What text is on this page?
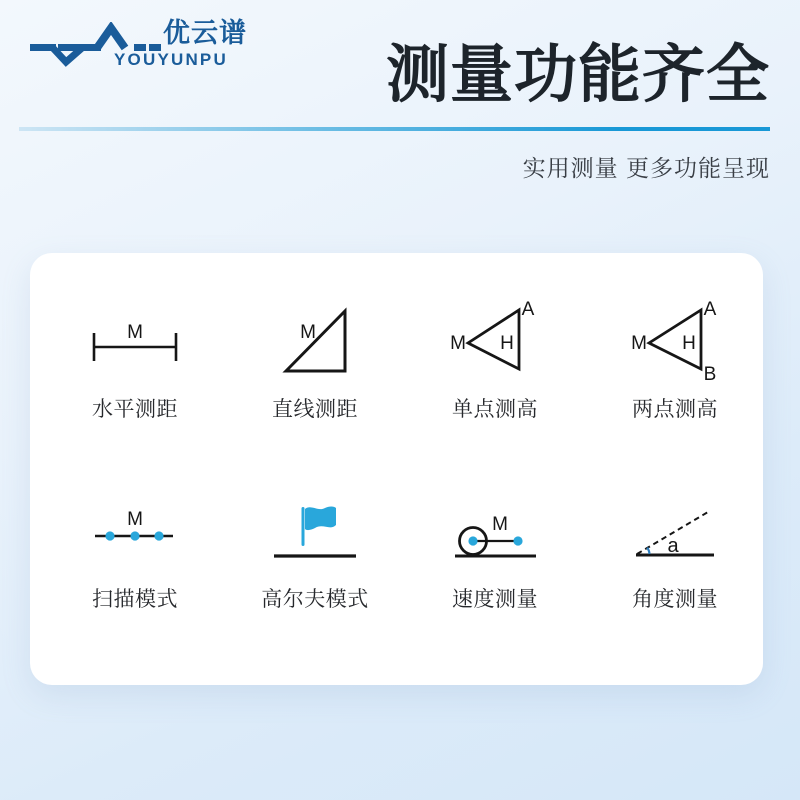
优云谱
YOUYUNPU	测量功能齐全
实用测量 更多功能呈现
M
水平测距
M
直线测距
M
A
H
单点测高
M
A
H
B
两点测高
M
扫描模式	高尔夫模式
M
速度测量
a
角度测量
